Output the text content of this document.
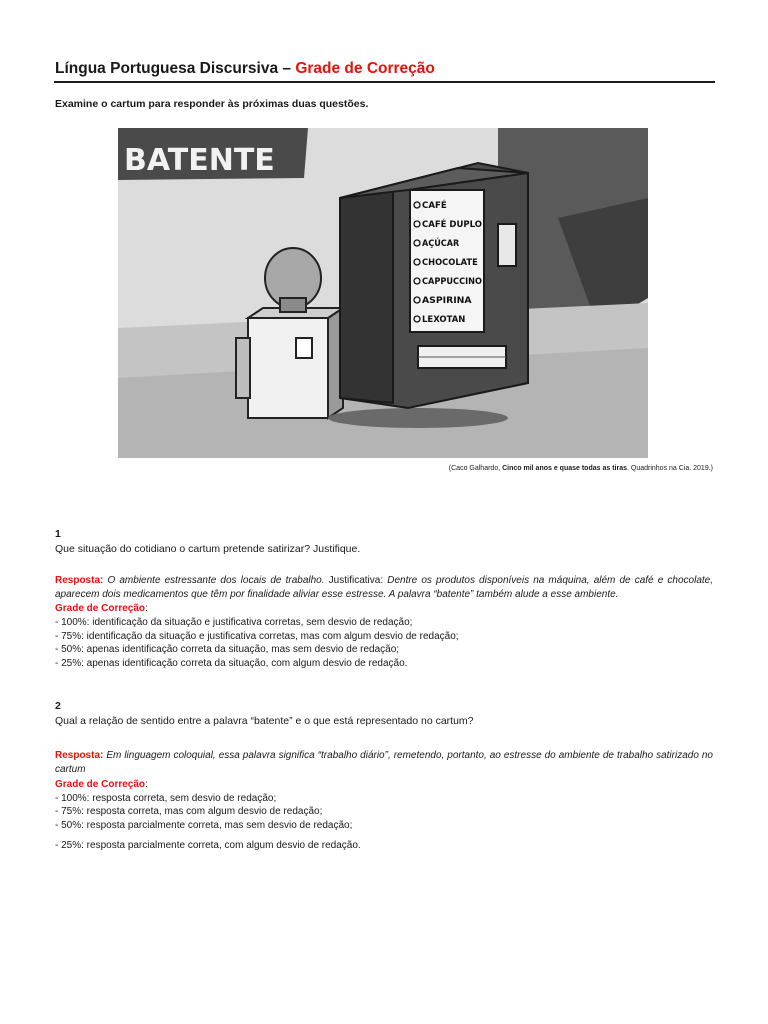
Língua Portuguesa Discursiva – Grade de Correção
Examine o cartum para responder às próximas duas questões.
BATENTE
CAFÉ
CAFÉ DUPLO
AÇÚCAR
CHOCOLATE
CAPPUCCINO
ASPIRINA
LEXOTAN
(Caco Galhardo, Cinco mil anos e quase todas as tiras. Quadrinhos na Cia. 2019.)
1
Que situação do cotidiano o cartum pretende satirizar? Justifique.
Resposta: O ambiente estressante dos locais de trabalho. Justificativa: Dentre os produtos disponíveis na máquina, além de café e chocolate, aparecem dois medicamentos que têm por finalidade aliviar esse estresse. A palavra “batente” também alude a esse ambiente.
Grade de Correção:
- 100%: identificação da situação e justificativa corretas, sem desvio de redação;
- 75%: identificação da situação e justificativa corretas, mas com algum desvio de redação;
- 50%: apenas identificação correta da situação, mas sem desvio de redação;
- 25%: apenas identificação correta da situação, com algum desvio de redação.
2
Qual a relação de sentido entre a palavra “batente” e o que está representado no cartum?
Resposta: Em linguagem coloquial, essa palavra significa “trabalho diário”, remetendo, portanto, ao estresse do ambiente de trabalho satirizado no cartum
Grade de Correção:
- 100%: resposta correta, sem desvio de redação;
- 75%: resposta correta, mas com algum desvio de redação;
- 50%: resposta parcialmente correta, mas sem desvio de redação;
- 25%: resposta parcialmente correta, com algum desvio de redação.
